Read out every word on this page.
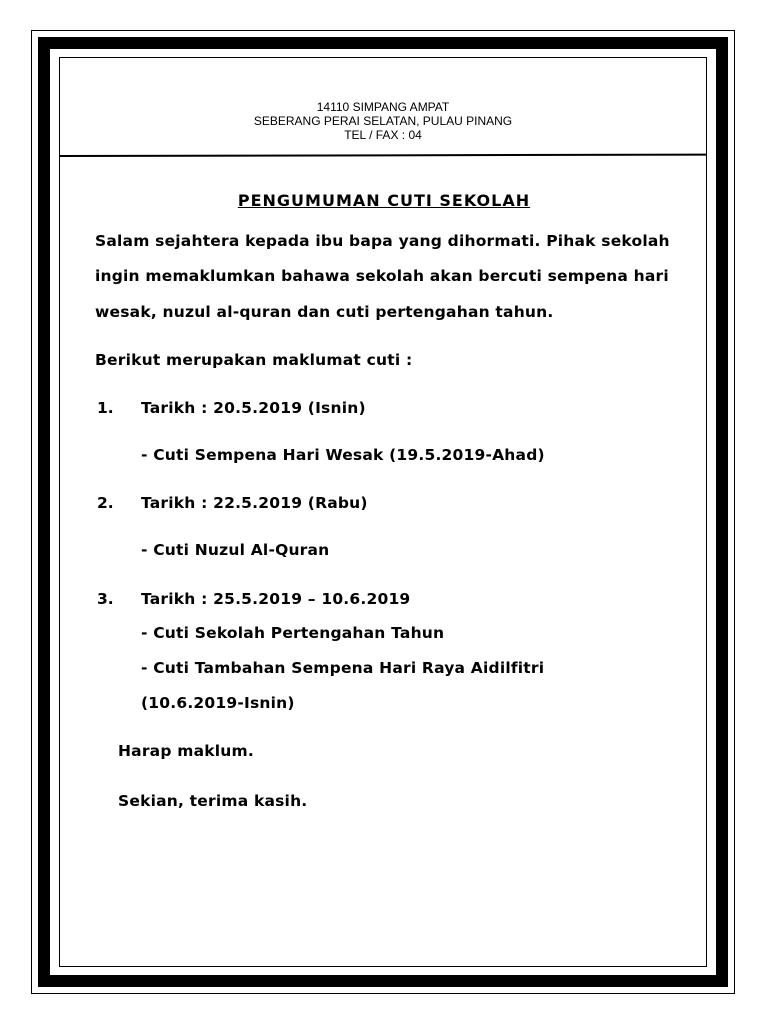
14110 SIMPANG AMPAT
SEBERANG PERAI SELATAN, PULAU PINANG
TEL / FAX : 04
PENGUMUMAN CUTI SEKOLAH
Salam sejahtera kepada ibu bapa yang dihormati. Pihak sekolah
ingin memaklumkan bahawa sekolah akan bercuti sempena hari
wesak, nuzul al-quran dan cuti pertengahan tahun.
Berikut merupakan maklumat cuti :
1. Tarikh : 20.5.2019 (Isnin)
- Cuti Sempena Hari Wesak (19.5.2019-Ahad)
2. Tarikh : 22.5.2019 (Rabu)
- Cuti Nuzul Al-Quran
3. Tarikh : 25.5.2019 – 10.6.2019
- Cuti Sekolah Pertengahan Tahun
- Cuti Tambahan Sempena Hari Raya Aidilfitri
(10.6.2019-Isnin)
Harap maklum.
Sekian, terima kasih.
